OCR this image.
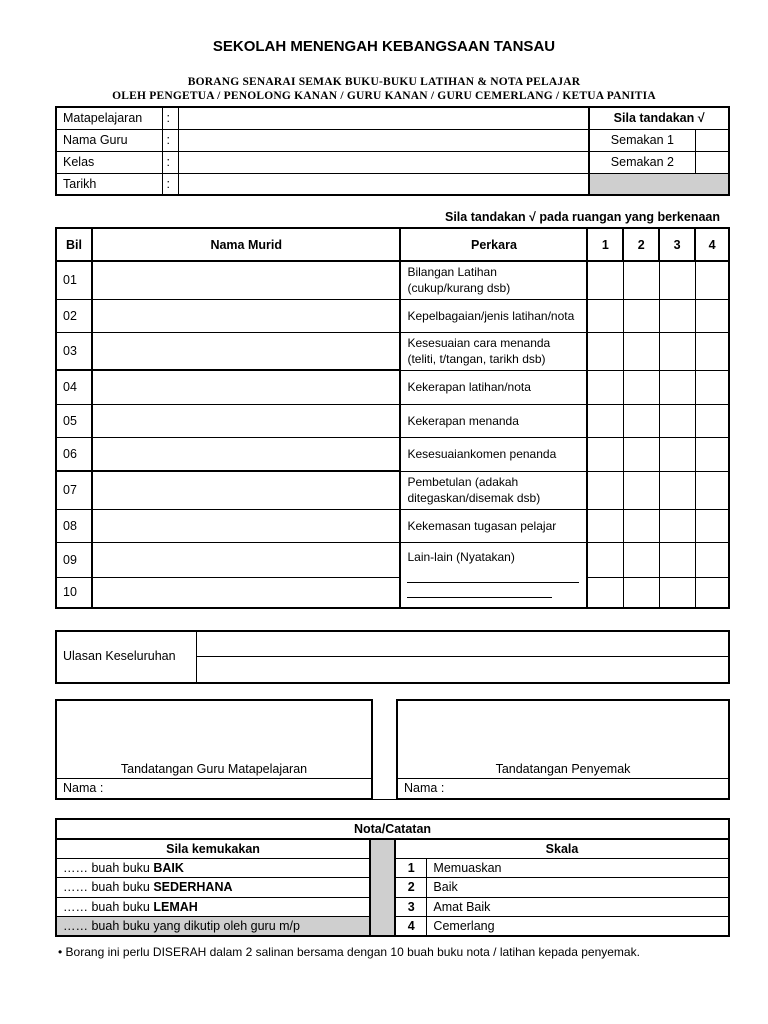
SEKOLAH MENENGAH KEBANGSAAN TANSAU
BORANG SENARAI SEMAK BUKU-BUKU LATIHAN & NOTA PELAJAR
OLEH PENGETUA / PENOLONG KANAN / GURU KANAN / GURU CEMERLANG / KETUA PANITIA
Matapelajaran	:		Sila tandakan √	
Nama Guru	:		Semakan 1	
Kelas	:		Semakan 2	
Tarikh	:			
Sila tandakan √ pada ruangan yang berkenaan
Bil	Nama Murid	Perkara	1	2	3	4
01		Bilangan Latihan
(cukup/kurang dsb)				

02		Kepelbagaian/jenis latihan/nota				

03		Kesesuaian cara menanda
(teliti, t/tangan, tarikh dsb)				

04		Kekerapan latihan/nota				

05		Kekerapan menanda				

06		Kesesuaiankomen penanda				

07		Pembetulan (adakah
ditegaskan/disemak dsb)				

08		Kekemasan tugasan pelajar				

09		Lain-lain (Nyatakan)				

10						
Ulasan Keseluruhan
Tandatangan Guru Matapelajaran
Nama :
Tandatangan Penyemak
Nama :
Nota/Catatan			
Sila kemukakan		Skala	
…… buah buku BAIK		1	Memuaskan
…… buah buku SEDERHANA		2	Baik
…… buah buku LEMAH		3	Amat Baik
…… buah buku yang dikutip oleh guru m/p		4	Cemerlang
• Borang ini perlu DISERAH dalam 2 salinan bersama dengan 10 buah buku nota / latihan kepada penyemak.
